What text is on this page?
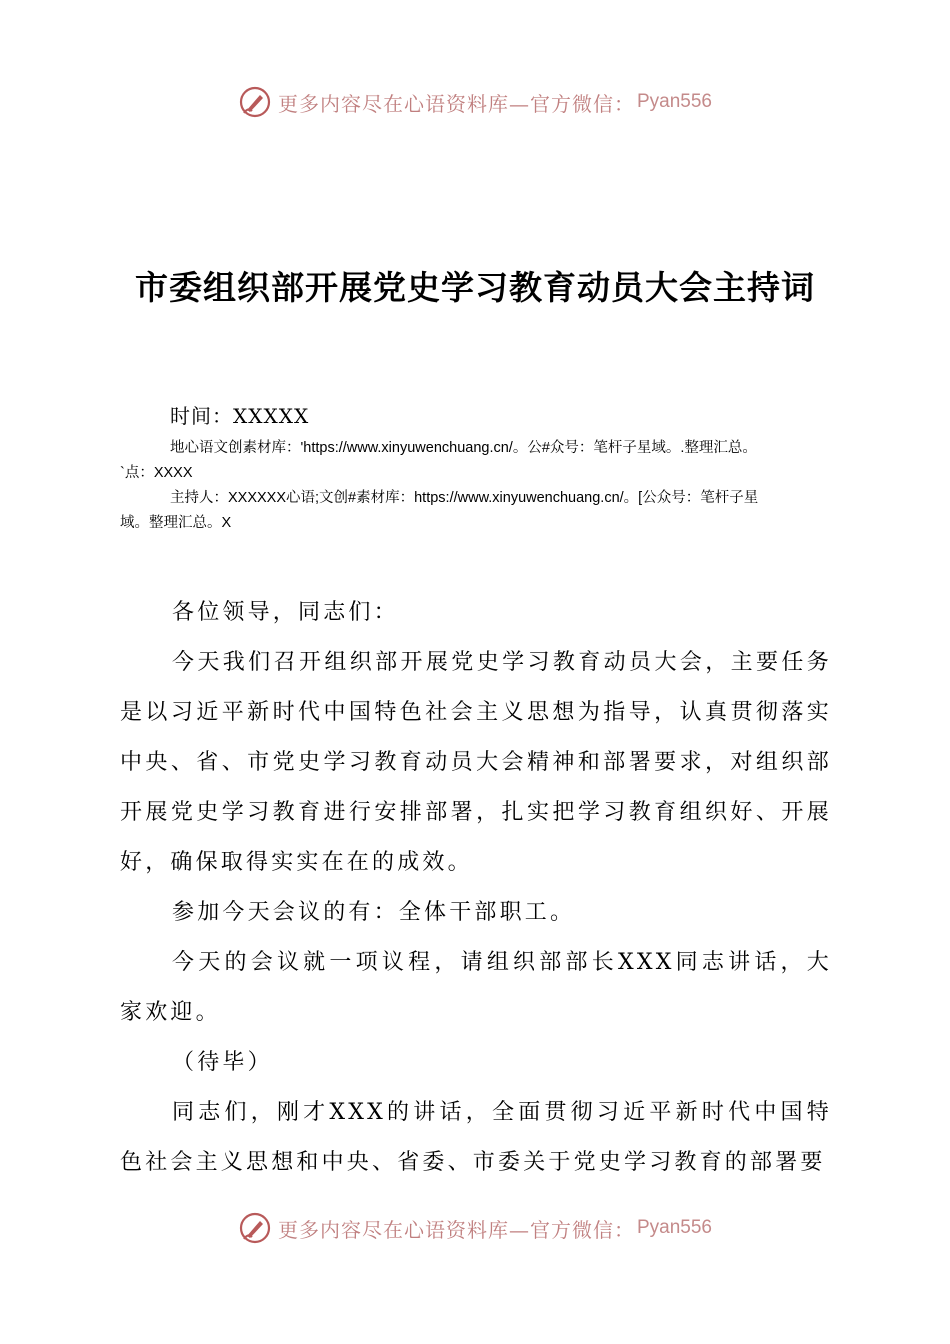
更多内容尽在心语资料库—官方微信： Pyan556
市委组织部开展党史学习教育动员大会主持词
时间：XXXXX
地心语文创素材库：'https://www.xinyuwenchuang.cn/。公#众号：笔杆子星域。.整理汇总。
`点：XXXX
主持人：XXXXXX心语;文创#素材库：https://www.xinyuwenchuang.cn/。[公众号：笔杆子星
域。整理汇总。X

各位领导，同志们：

今天我们召开组织部开展党史学习教育动员大会，主要任务是以习近平新时代中国特色社会主义思想为指导，认真贯彻落实中央、省、市党史学习教育动员大会精神和部署要求，对组织部开展党史学习教育进行安排部署，扎实把学习教育组织好、开展好，确保取得实实在在的成效。

参加今天会议的有：全体干部职工。

今天的会议就一项议程，请组织部部长XXX同志讲话，大家欢迎。

（待毕）

同志们，刚才XXX的讲话，全面贯彻习近平新时代中国特色社会主义思想和中央、省委、市委关于党史学习教育的部署要

更多内容尽在心语资料库—官方微信： Pyan556
